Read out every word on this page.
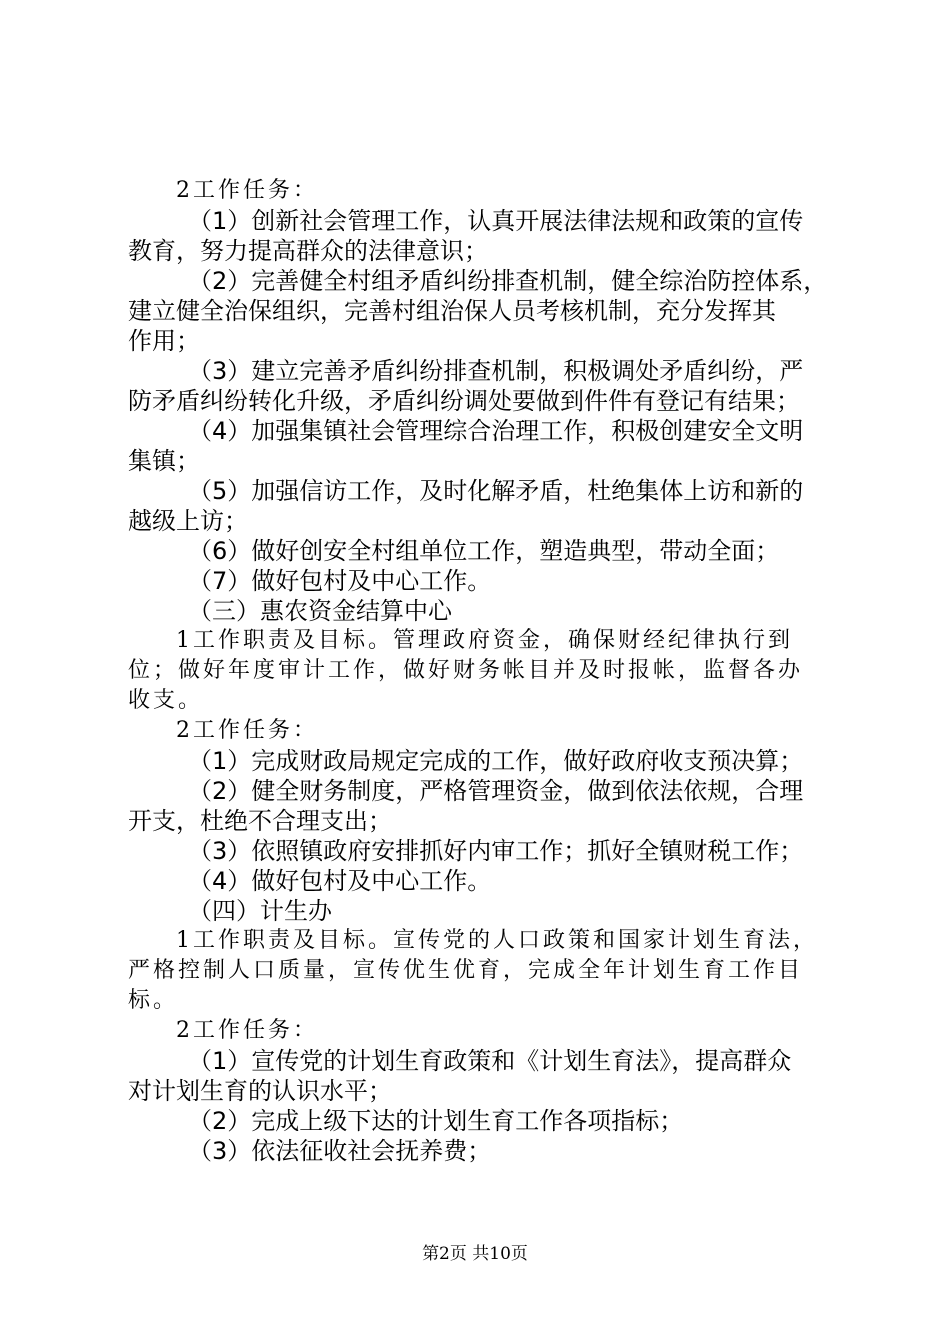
2工作任务：
（1）创新社会管理工作，认真开展法律法规和政策的宣传
教育，努力提高群众的法律意识；
（2）完善健全村组矛盾纠纷排查机制，健全综治防控体系，
建立健全治保组织，完善村组治保人员考核机制，充分发挥其
作用；
（3）建立完善矛盾纠纷排查机制，积极调处矛盾纠纷，严
防矛盾纠纷转化升级，矛盾纠纷调处要做到件件有登记有结果；
（4）加强集镇社会管理综合治理工作，积极创建安全文明
集镇；
（5）加强信访工作，及时化解矛盾，杜绝集体上访和新的
越级上访；
（6）做好创安全村组单位工作，塑造典型，带动全面；
（7）做好包村及中心工作。
（三）惠农资金结算中心
1工作职责及目标。管理政府资金，确保财经纪律执行到
位；做好年度审计工作，做好财务帐目并及时报帐，监督各办
收支。
2工作任务：
（1）完成财政局规定完成的工作，做好政府收支预决算；
（2）健全财务制度，严格管理资金，做到依法依规，合理
开支，杜绝不合理支出；
（3）依照镇政府安排抓好内审工作；抓好全镇财税工作；
（4）做好包村及中心工作。
（四）计生办
1工作职责及目标。宣传党的人口政策和国家计划生育法，
严格控制人口质量，宣传优生优育，完成全年计划生育工作目
标。
2工作任务：
（1）宣传党的计划生育政策和《计划生育法》，提高群众
对计划生育的认识水平；
（2）完成上级下达的计划生育工作各项指标；
（3）依法征收社会抚养费；
第2页 共10页
